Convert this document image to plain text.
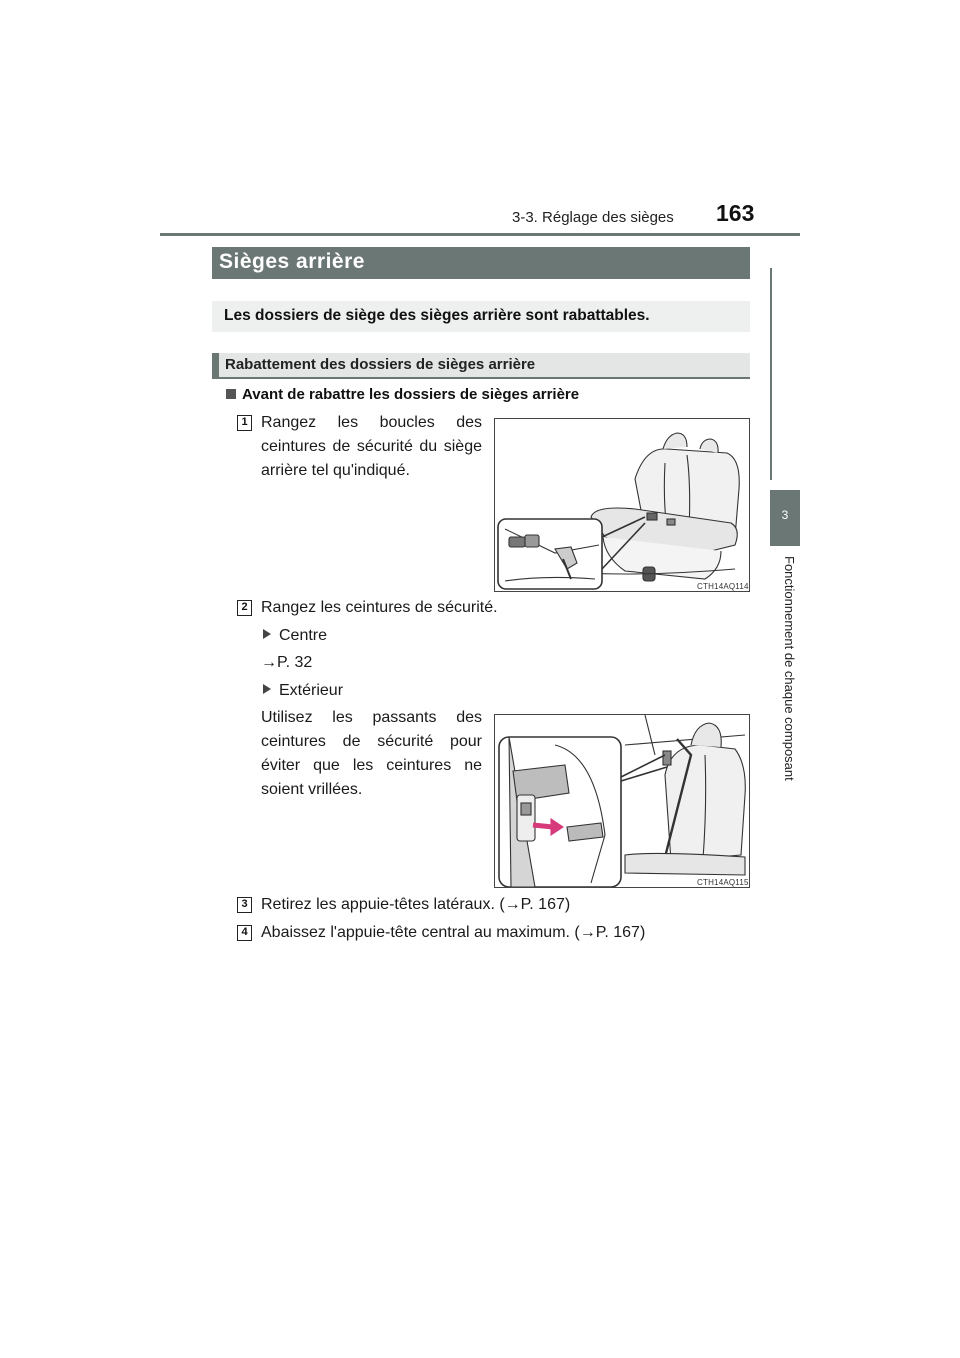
3-3. Réglage des sièges 163
3
Fonctionnement de chaque composant
Sièges arrière
Les dossiers de siège des sièges arrière sont rabattables.
Rabattement des dossiers de sièges arrière
Avant de rabattre les dossiers de sièges arrière
1 Rangez les boucles des ceintures de sécurité du siège arrière tel qu'indiqué.
CTH14AQ114
2 Rangez les ceintures de sécurité.
Centre
→P. 32
Extérieur
Utilisez les passants des ceintures de sécurité pour éviter que les ceintures ne soient vrillées.
CTH14AQ115
3 Retirez les appuie-têtes latéraux. (→P. 167)
4 Abaissez l'appuie-tête central au maximum. (→P. 167)
